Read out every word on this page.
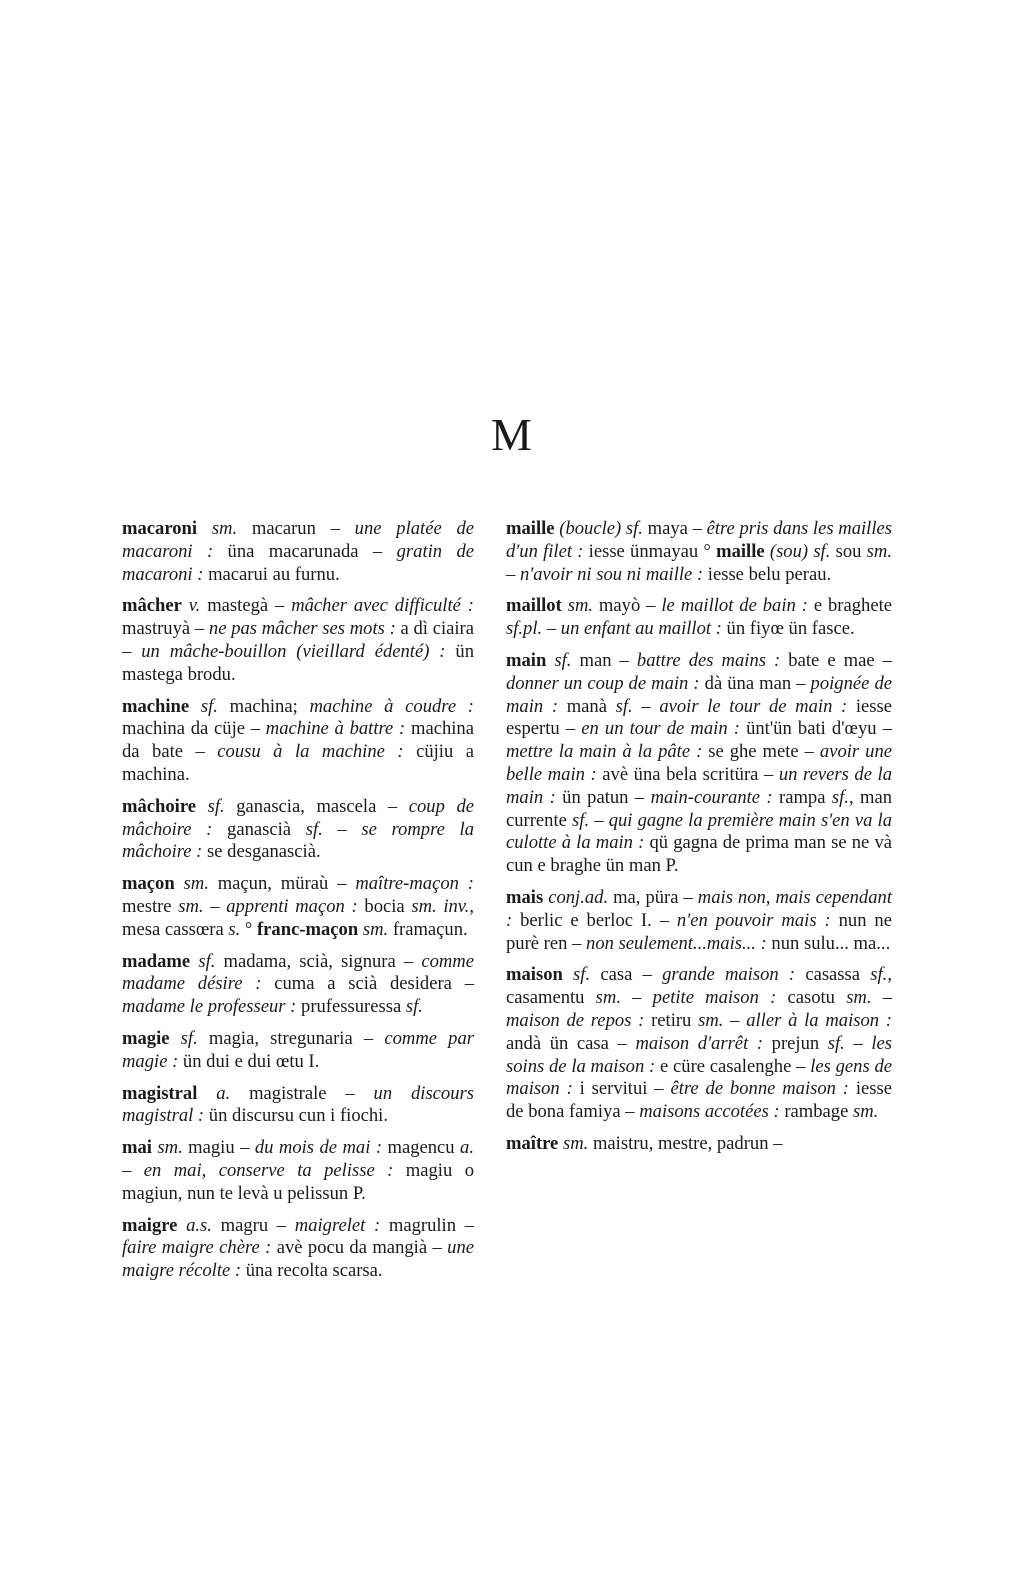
M

macaroni sm. macarun – une platée de macaroni : üna macarunada – gratin de macaroni : macarui au furnu.

mâcher v. mastegà – mâcher avec difficulté : mastruyà – ne pas mâcher ses mots : a dì ciaira – un mâche-bouillon (vieillard édenté) : ün mastega brodu.

machine sf. machina; machine à coudre : machina da cüje – machine à battre : machina da bate – cousu à la machine : cüjiu a machina.

mâchoire sf. ganascia, mascela – coup de mâchoire : ganascià sf. – se rompre la mâchoire : se desganascià.

maçon sm. maçun, müraù – maître-maçon : mestre sm. – apprenti maçon : bocia sm. inv., mesa cassœra s. ° franc-maçon sm. framaçun.

madame sf. madama, scià, signura – comme madame désire : cuma a scià desidera – madame le professeur : prufessuressa sf.

magie sf. magia, stregunaria – comme par magie : ün dui e dui œtu I.

magistral a. magistrale – un discours magistral : ün discursu cun i fiochi.

mai sm. magiu – du mois de mai : magencu a. – en mai, conserve ta pelisse : magiu o magiun, nun te levà u pelissun P.

maigre a.s. magru – maigrelet : magrulin – faire maigre chère : avè pocu da mangià – une maigre récolte : üna recolta scarsa.

maille (boucle) sf. maya – être pris dans les mailles d'un filet : iesse ünmayau ° maille (sou) sf. sou sm. – n'avoir ni sou ni maille : iesse belu perau.

maillot sm. mayò – le maillot de bain : e braghete sf.pl. – un enfant au maillot : ün fiyœ ün fasce.

main sf. man – battre des mains : bate e mae – donner un coup de main : dà üna man – poignée de main : manà sf. – avoir le tour de main : iesse espertu – en un tour de main : ünt'ün bati d'œyu – mettre la main à la pâte : se ghe mete – avoir une belle main : avè üna bela scritüra – un revers de la main : ün patun – main-courante : rampa sf., man currente sf. – qui gagne la première main s'en va la culotte à la main : qü gagna de prima man se ne và cun e braghe ün man P.

mais conj.ad. ma, püra – mais non, mais cependant : berlic e berloc I. – n'en pouvoir mais : nun ne purè ren – non seulement...mais... : nun sulu... ma...

maison sf. casa – grande maison : casassa sf., casamentu sm. – petite maison : casotu sm. – maison de repos : retiru sm. – aller à la maison : andà ün casa – maison d'arrêt : prejun sf. – les soins de la maison : e cüre casalenghe – les gens de maison : i servitui – être de bonne maison : iesse de bona famiya – maisons accotées : rambage sm.

maître sm. maistru, mestre, padrun –
